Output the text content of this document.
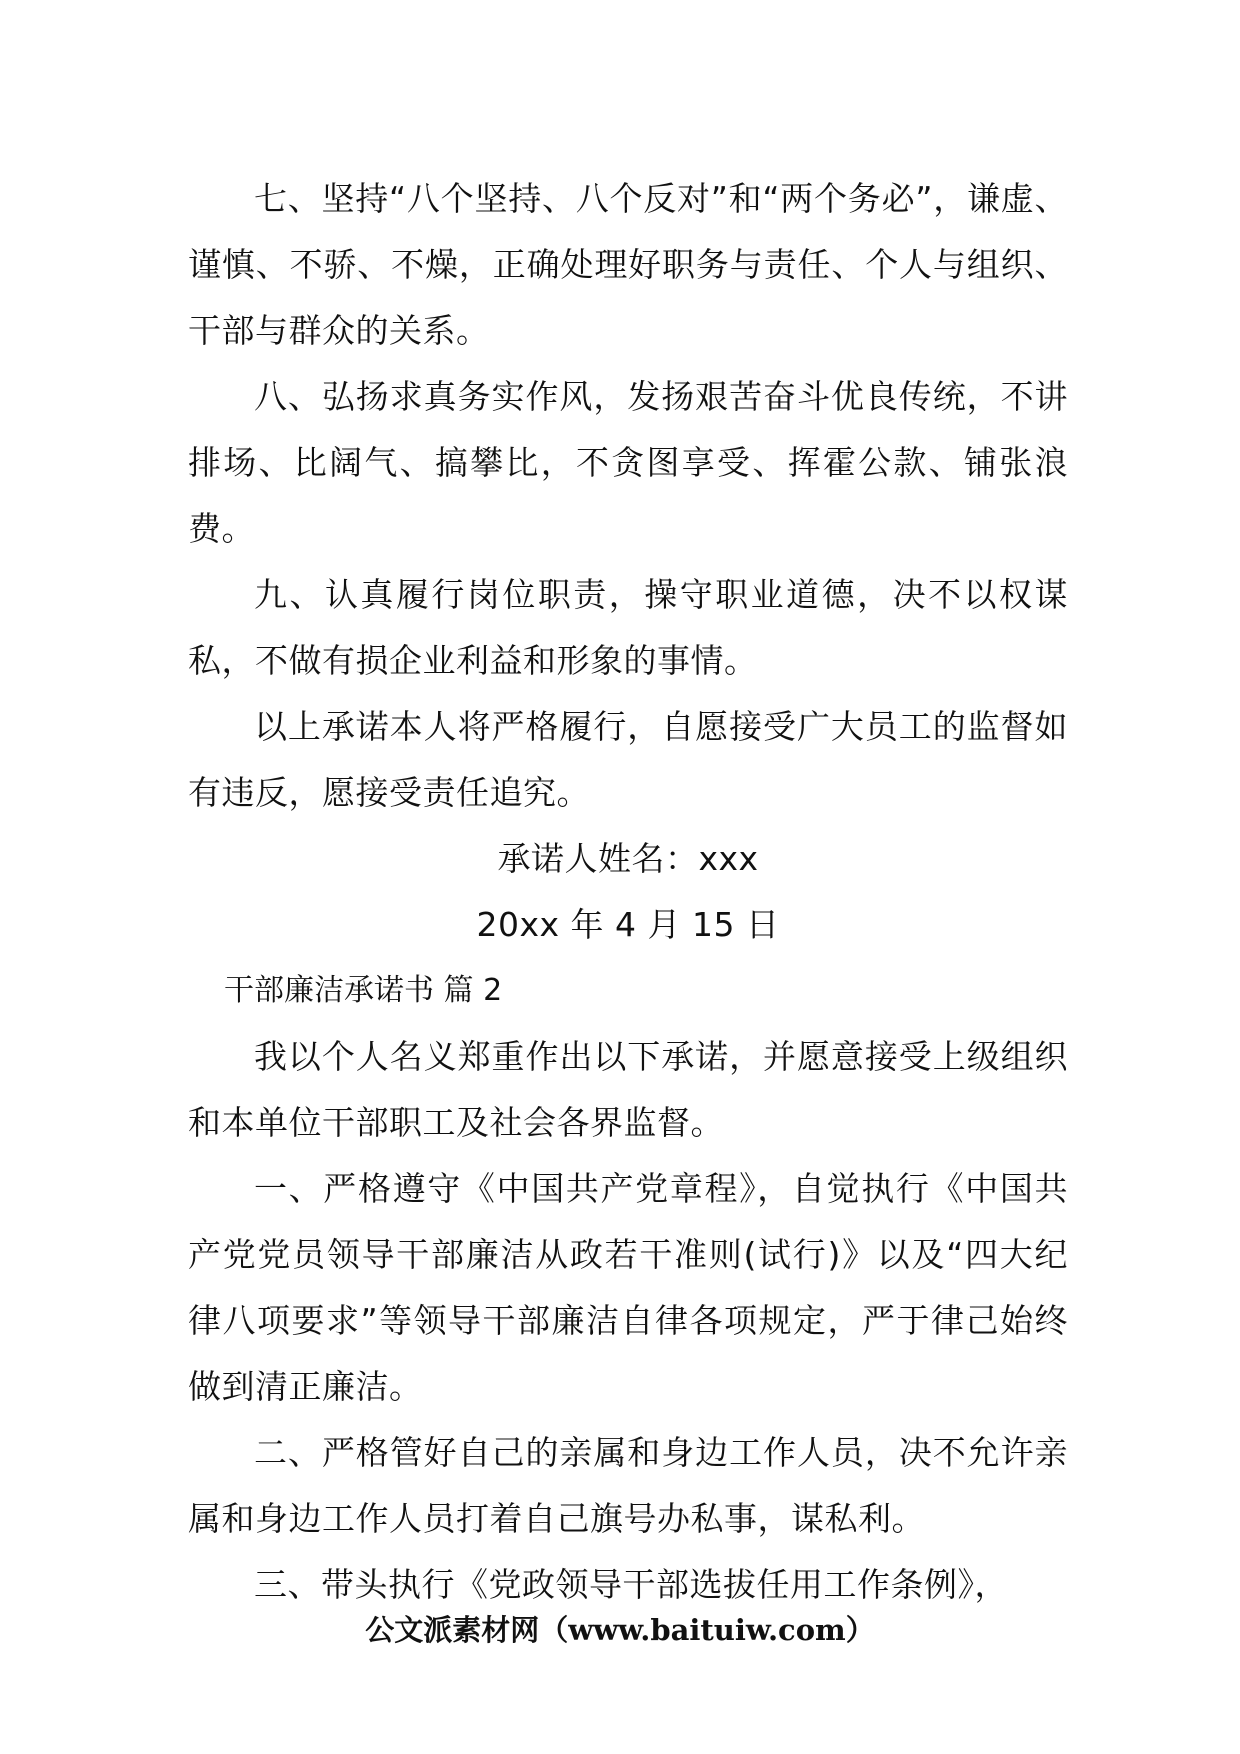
七、坚持“八个坚持、八个反对”和“两个务必”，谦虚、谨慎、不骄、不燥，正确处理好职务与责任、个人与组织、干部与群众的关系。

八、弘扬求真务实作风，发扬艰苦奋斗优良传统，不讲排场、比阔气、搞攀比，不贪图享受、挥霍公款、铺张浪费。

九、认真履行岗位职责，操守职业道德，决不以权谋私，不做有损企业利益和形象的事情。

以上承诺本人将严格履行，自愿接受广大员工的监督如有违反，愿接受责任追究。

承诺人姓名：xxx

20xx 年 4 月 15 日

干部廉洁承诺书 篇 2

我以个人名义郑重作出以下承诺，并愿意接受上级组织和本单位干部职工及社会各界监督。

一、严格遵守《中国共产党章程》，自觉执行《中国共产党党员领导干部廉洁从政若干准则(试行)》以及“四大纪律八项要求”等领导干部廉洁自律各项规定，严于律己始终做到清正廉洁。

二、严格管好自己的亲属和身边工作人员，决不允许亲属和身边工作人员打着自己旗号办私事，谋私利。

三、带头执行《党政领导干部选拔任用工作条例》，

公文派素材网（www.baituiw.com）
